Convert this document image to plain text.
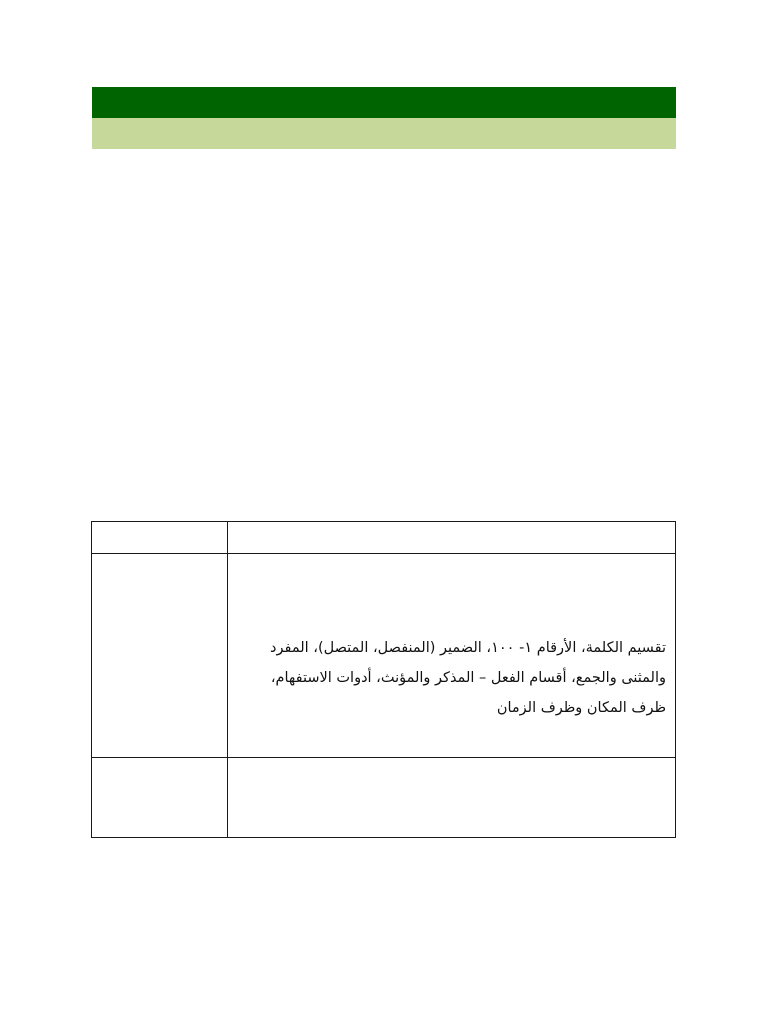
	تقسيم الكلمة، الأرقام ١- ١٠٠، الضمير (المنفصل، المتصل)، المفرد والمثنى والجمع، أقسام الفعل – المذكر والمؤنث، أدوات الاستفهام، ظرف المكان وظرف الزمان
